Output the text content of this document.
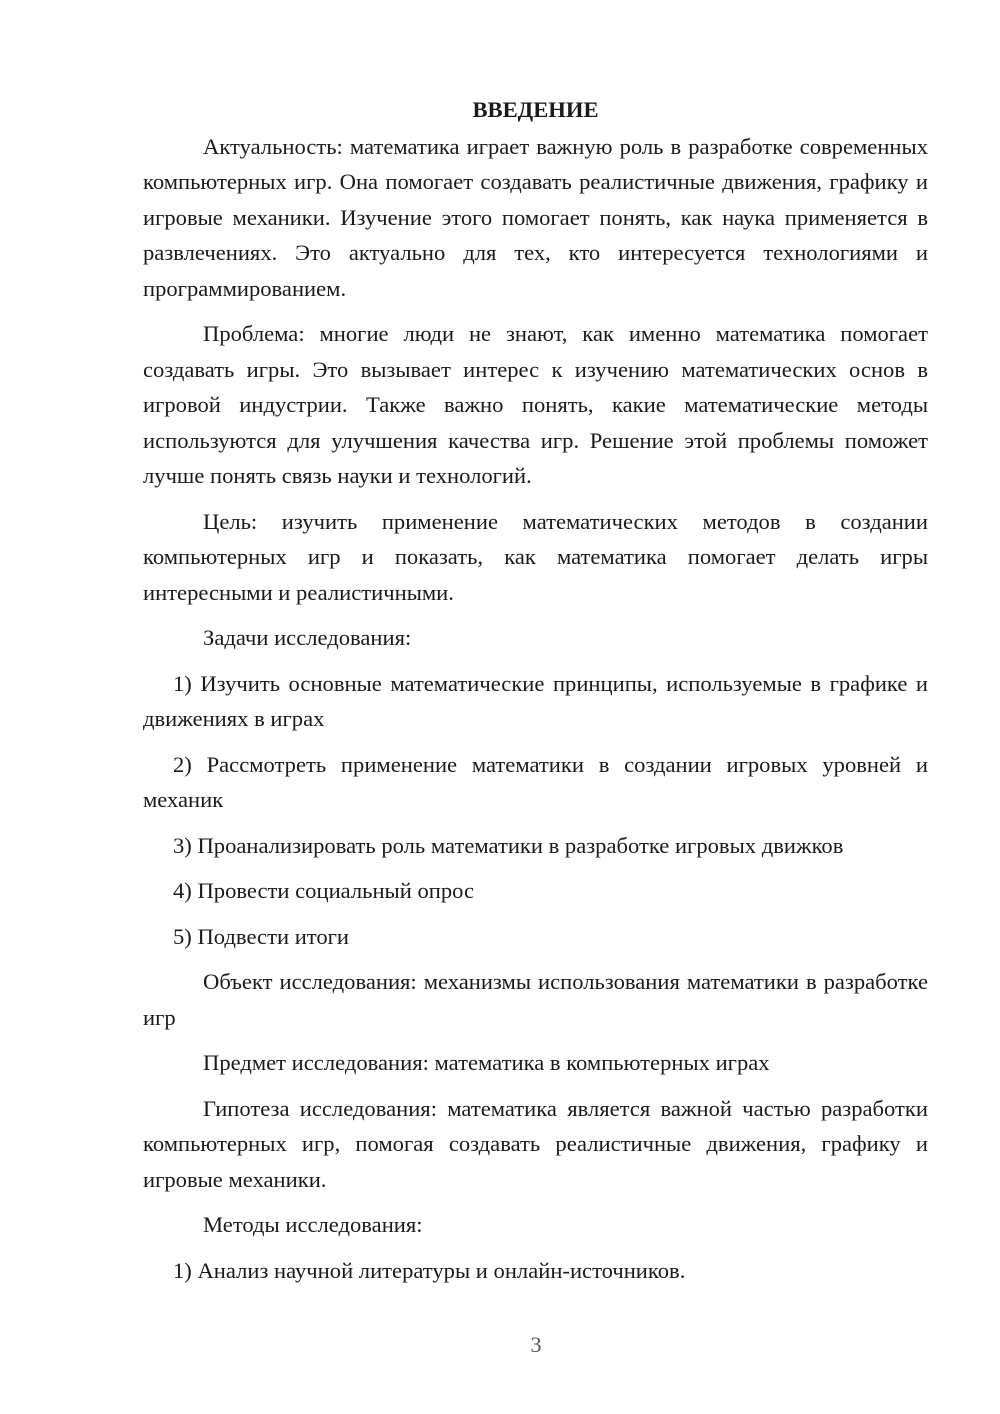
ВВЕДЕНИЕ

Актуальность: математика играет важную роль в разработке современных компьютерных игр. Она помогает создавать реалистичные движения, графику и игровые механики. Изучение этого помогает понять, как наука применяется в развлечениях. Это актуально для тех, кто интересуется технологиями и программированием.

Проблема: многие люди не знают, как именно математика помогает создавать игры. Это вызывает интерес к изучению математических основ в игровой индустрии. Также важно понять, какие математические методы используются для улучшения качества игр. Решение этой проблемы поможет лучше понять связь науки и технологий.

Цель: изучить применение математических методов в создании компьютерных игр и показать, как математика помогает делать игры интересными и реалистичными.

Задачи исследования:

1) Изучить основные математические принципы, используемые в графике и движениях в играх

2) Рассмотреть применение математики в создании игровых уровней и механик

3) Проанализировать роль математики в разработке игровых движков

4) Провести социальный опрос

5) Подвести итоги

Объект исследования: механизмы использования математики в разработке игр

Предмет исследования: математика в компьютерных играх

Гипотеза исследования: математика является важной частью разработки компьютерных игр, помогая создавать реалистичные движения, графику и игровые механики.

Методы исследования:

1) Анализ научной литературы и онлайн-источников.

3
